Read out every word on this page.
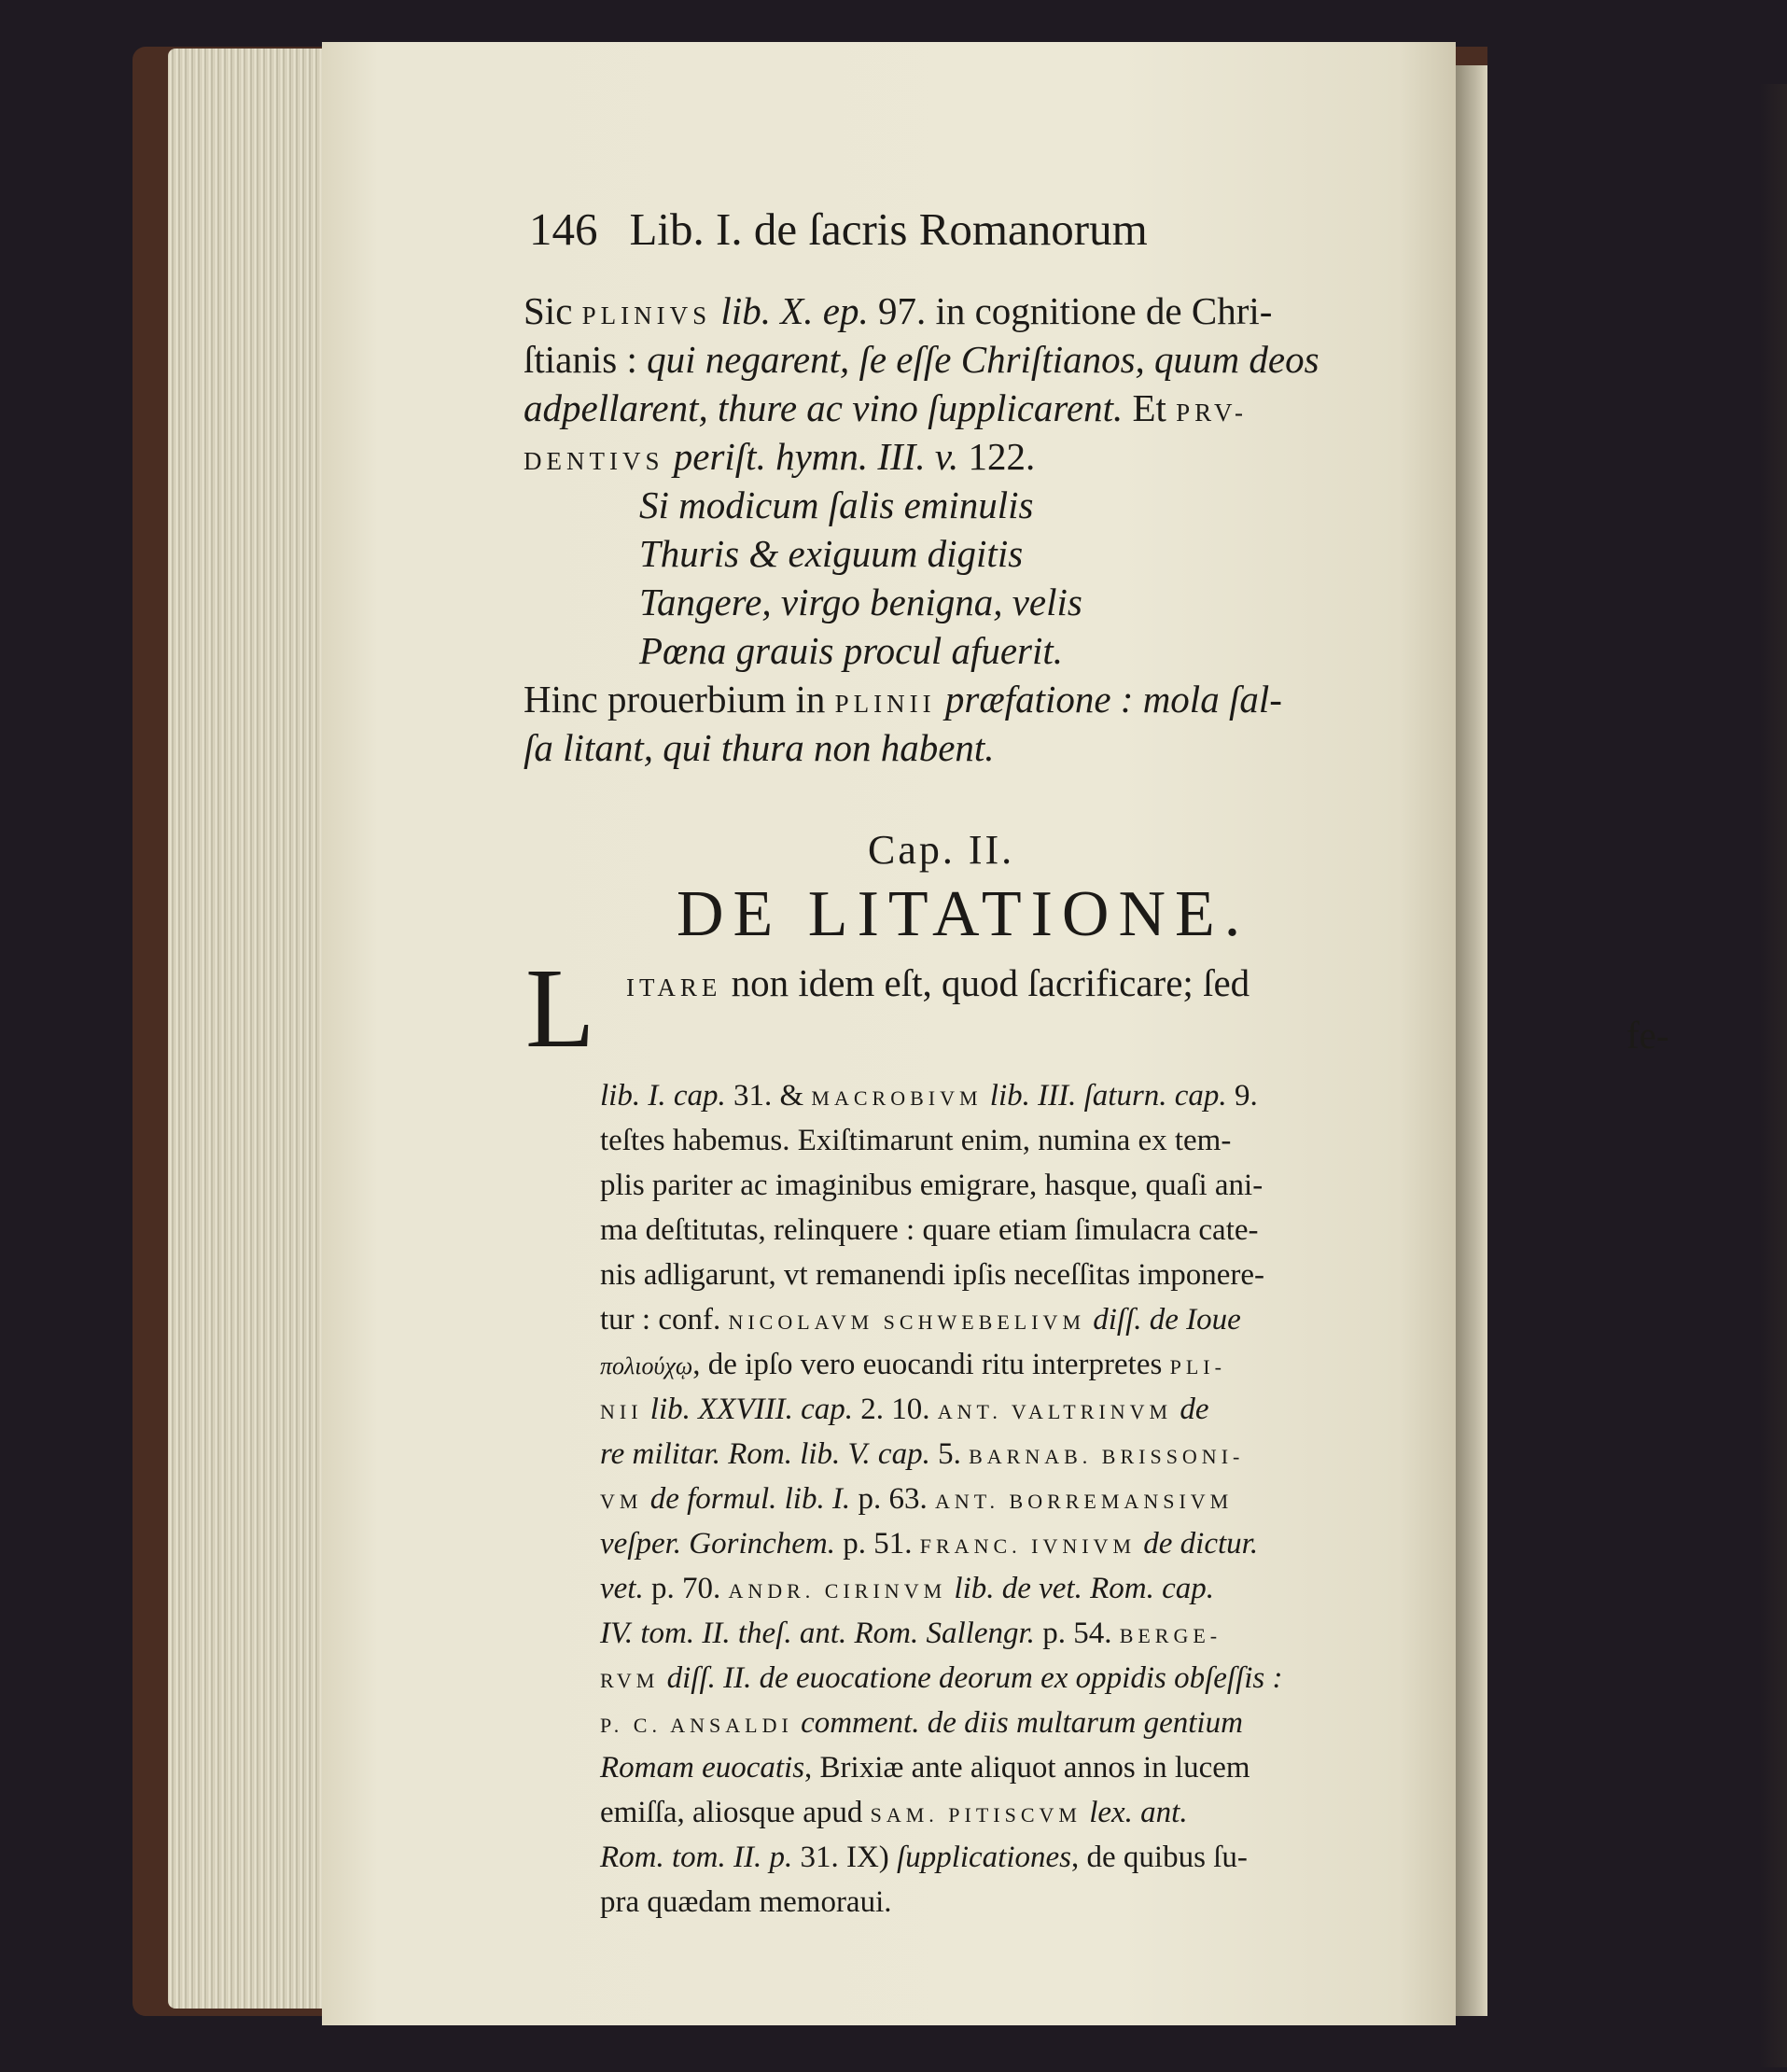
146 Lib. I. de ſacris Romanorum
Sic PLINIVS lib. X. ep. 97. in cognitione de Chri-
ſtianis : qui negarent, ſe eſſe Chriſtianos, quum deos
adpellarent, thure ac vino ſupplicarent. Et PRV-
DENTIVS periſt. hymn. III. v. 122.
Si modicum ſalis eminulis
Thuris & exiguum digitis
Tangere, virgo benigna, velis
Pœna grauis procul afuerit.
Hinc prouerbium in PLINII præfatione : mola ſal-
ſa litant, qui thura non habent.
Cap. II.
DE LITATIONE.
L ITARE non idem eſt, quod ſacrificare; ſed
fe-
lib. I. cap. 31. & MACROBIVM lib. III. ſaturn. cap. 9.
teſtes habemus. Exiſtimarunt enim, numina ex tem-
plis pariter ac imaginibus emigrare, hasque, quaſi ani-
ma deſtitutas, relinquere : quare etiam ſimulacra cate-
nis adligarunt, vt remanendi ipſis neceſſitas imponere-
tur : conf. NICOLAVM SCHWEBELIVM diſſ. de Ioue
πολιούχῳ, de ipſo vero euocandi ritu interpretes PLI-
NII lib. XXVIII. cap. 2. 10. ANT. VALTRINVM de
re militar. Rom. lib. V. cap. 5. BARNAB. BRISSONI-
VM de formul. lib. I. p. 63. ANT. BORREMANSIVM
veſper. Gorinchem. p. 51. FRANC. IVNIVM de dictur.
vet. p. 70. ANDR. CIRINVM lib. de vet. Rom. cap.
IV. tom. II. theſ. ant. Rom. Sallengr. p. 54. BERGE-
RVM diſſ. II. de euocatione deorum ex oppidis obſeſſis :
P. C. ANSALDI comment. de diis multarum gentium
Romam euocatis, Brixiæ ante aliquot annos in lucem
emiſſa, aliosque apud SAM. PITISCVM lex. ant.
Rom. tom. II. p. 31. IX) ſupplicationes, de quibus ſu-
pra quædam memoraui.
